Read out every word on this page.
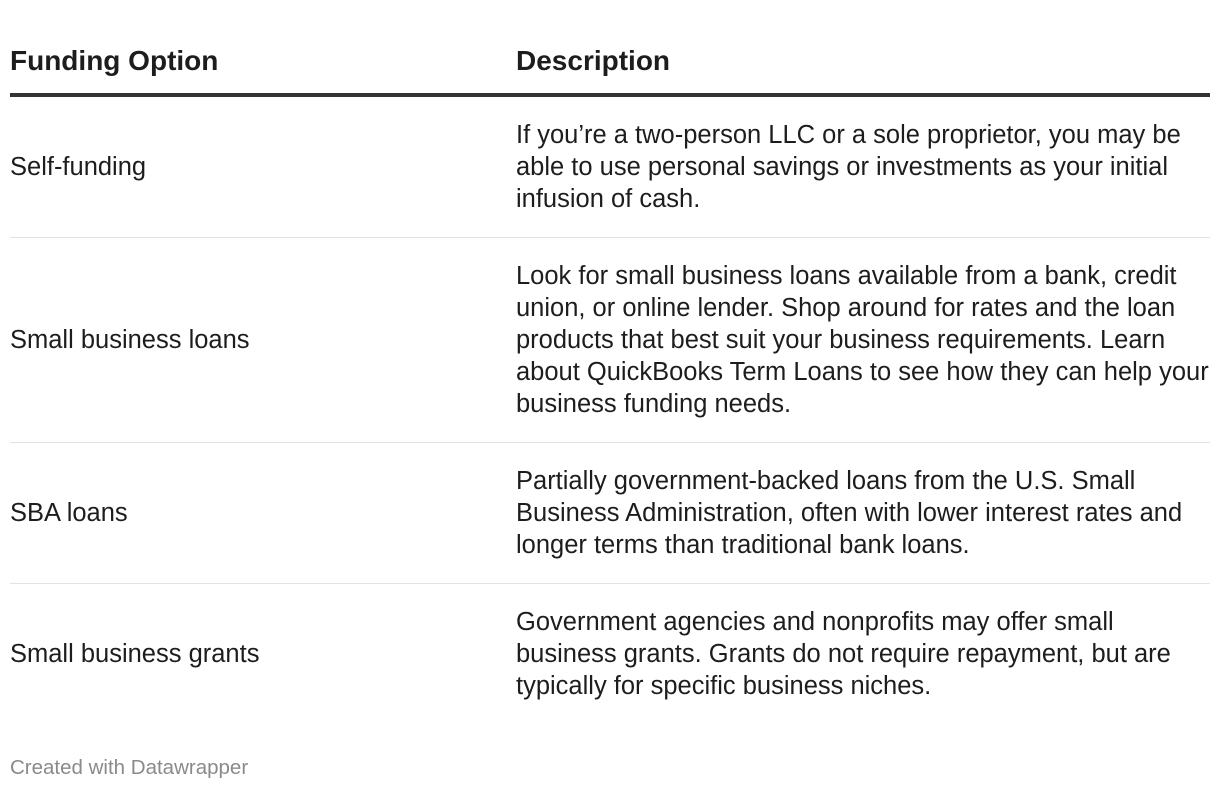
Funding Option	Description
Self-funding	If you’re a two-person LLC or a sole proprietor, you may be able to use personal savings or investments as your initial infusion of cash.
Small business loans	Look for small business loans available from a bank, credit union, or online lender. Shop around for rates and the loan products that best suit your business requirements. Learn about QuickBooks Term Loans to see how they can help your business funding needs.
SBA loans	Partially government-backed loans from the U.S. Small Business Administration, often with lower interest rates and longer terms than traditional bank loans.
Small business grants	Government agencies and nonprofits may offer small business grants. Grants do not require repayment, but are typically for specific business niches.
Created with Datawrapper
